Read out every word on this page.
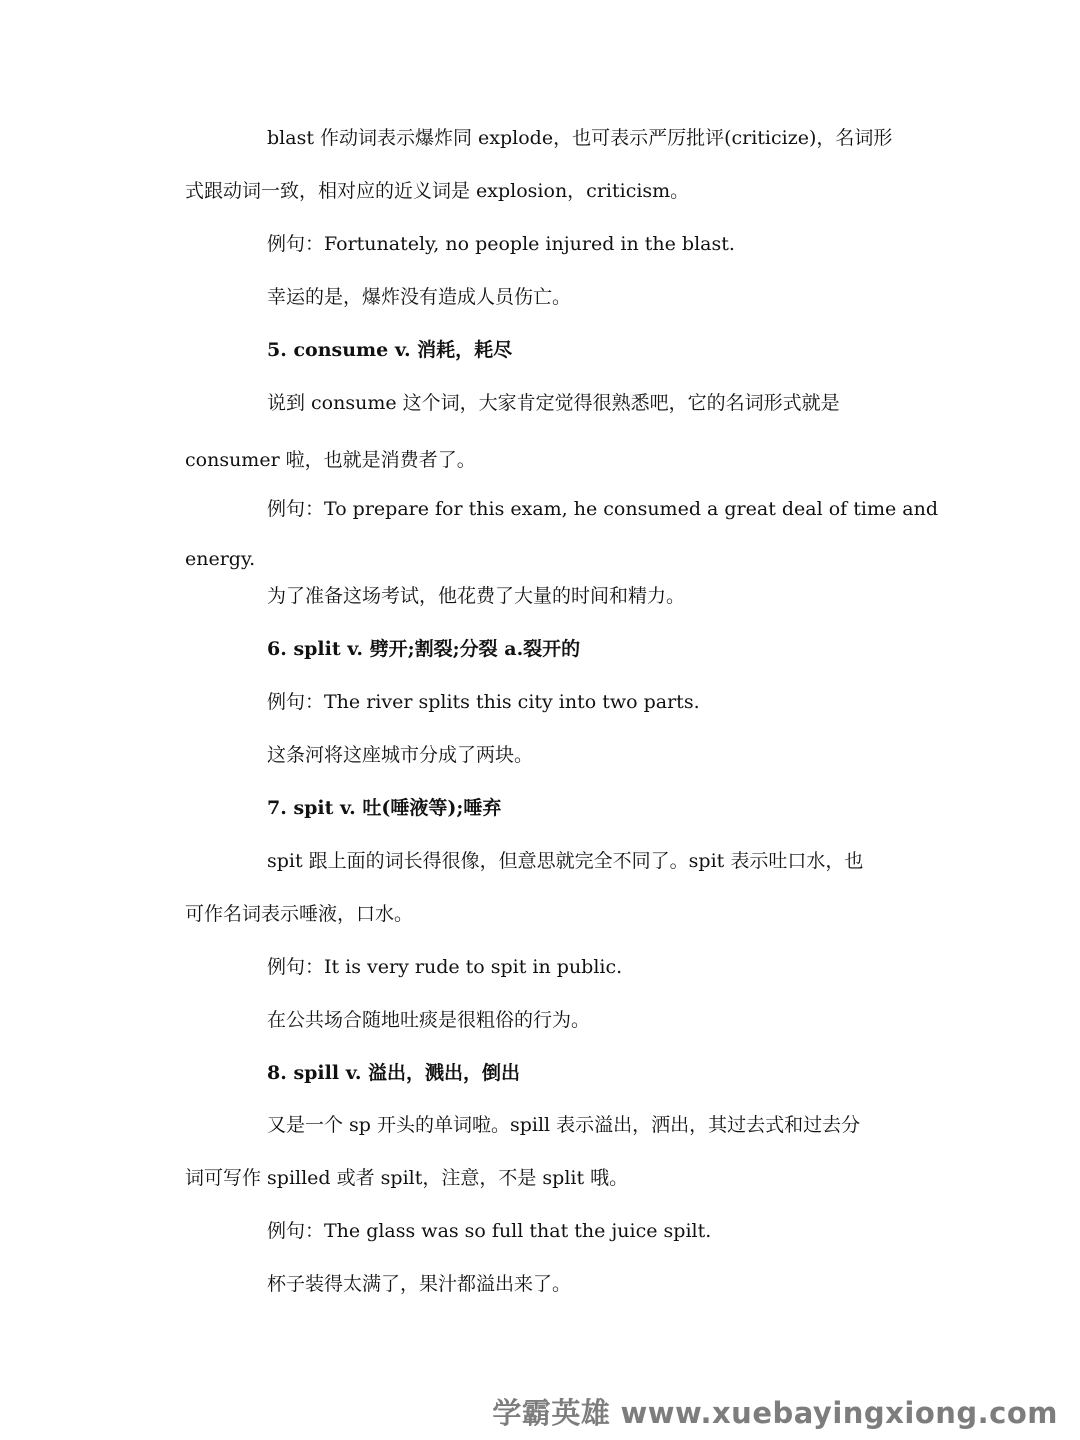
blast 作动词表示爆炸同 explode，也可表示严厉批评(criticize)，名词形
式跟动词一致，相对应的近义词是 explosion，criticism。
例句：Fortunately, no people injured in the blast.
幸运的是，爆炸没有造成人员伤亡。
5. consume v. 消耗，耗尽
说到 consume 这个词，大家肯定觉得很熟悉吧，它的名词形式就是
consumer 啦，也就是消费者了。
例句：To prepare for this exam, he consumed a great deal of time and
energy.
为了准备这场考试，他花费了大量的时间和精力。
6. split v. 劈开;割裂;分裂 a.裂开的
例句：The river splits this city into two parts.
这条河将这座城市分成了两块。
7. spit v. 吐(唾液等);唾弃
spit 跟上面的词长得很像，但意思就完全不同了。spit 表示吐口水，也
可作名词表示唾液，口水。
例句：It is very rude to spit in public.
在公共场合随地吐痰是很粗俗的行为。
8. spill v. 溢出，溅出，倒出
又是一个 sp 开头的单词啦。spill 表示溢出，洒出，其过去式和过去分
词可写作 spilled 或者 spilt，注意，不是 split 哦。
例句：The glass was so full that the juice spilt.
杯子装得太满了，果汁都溢出来了。
学霸英雄 www.xuebayingxiong.com
